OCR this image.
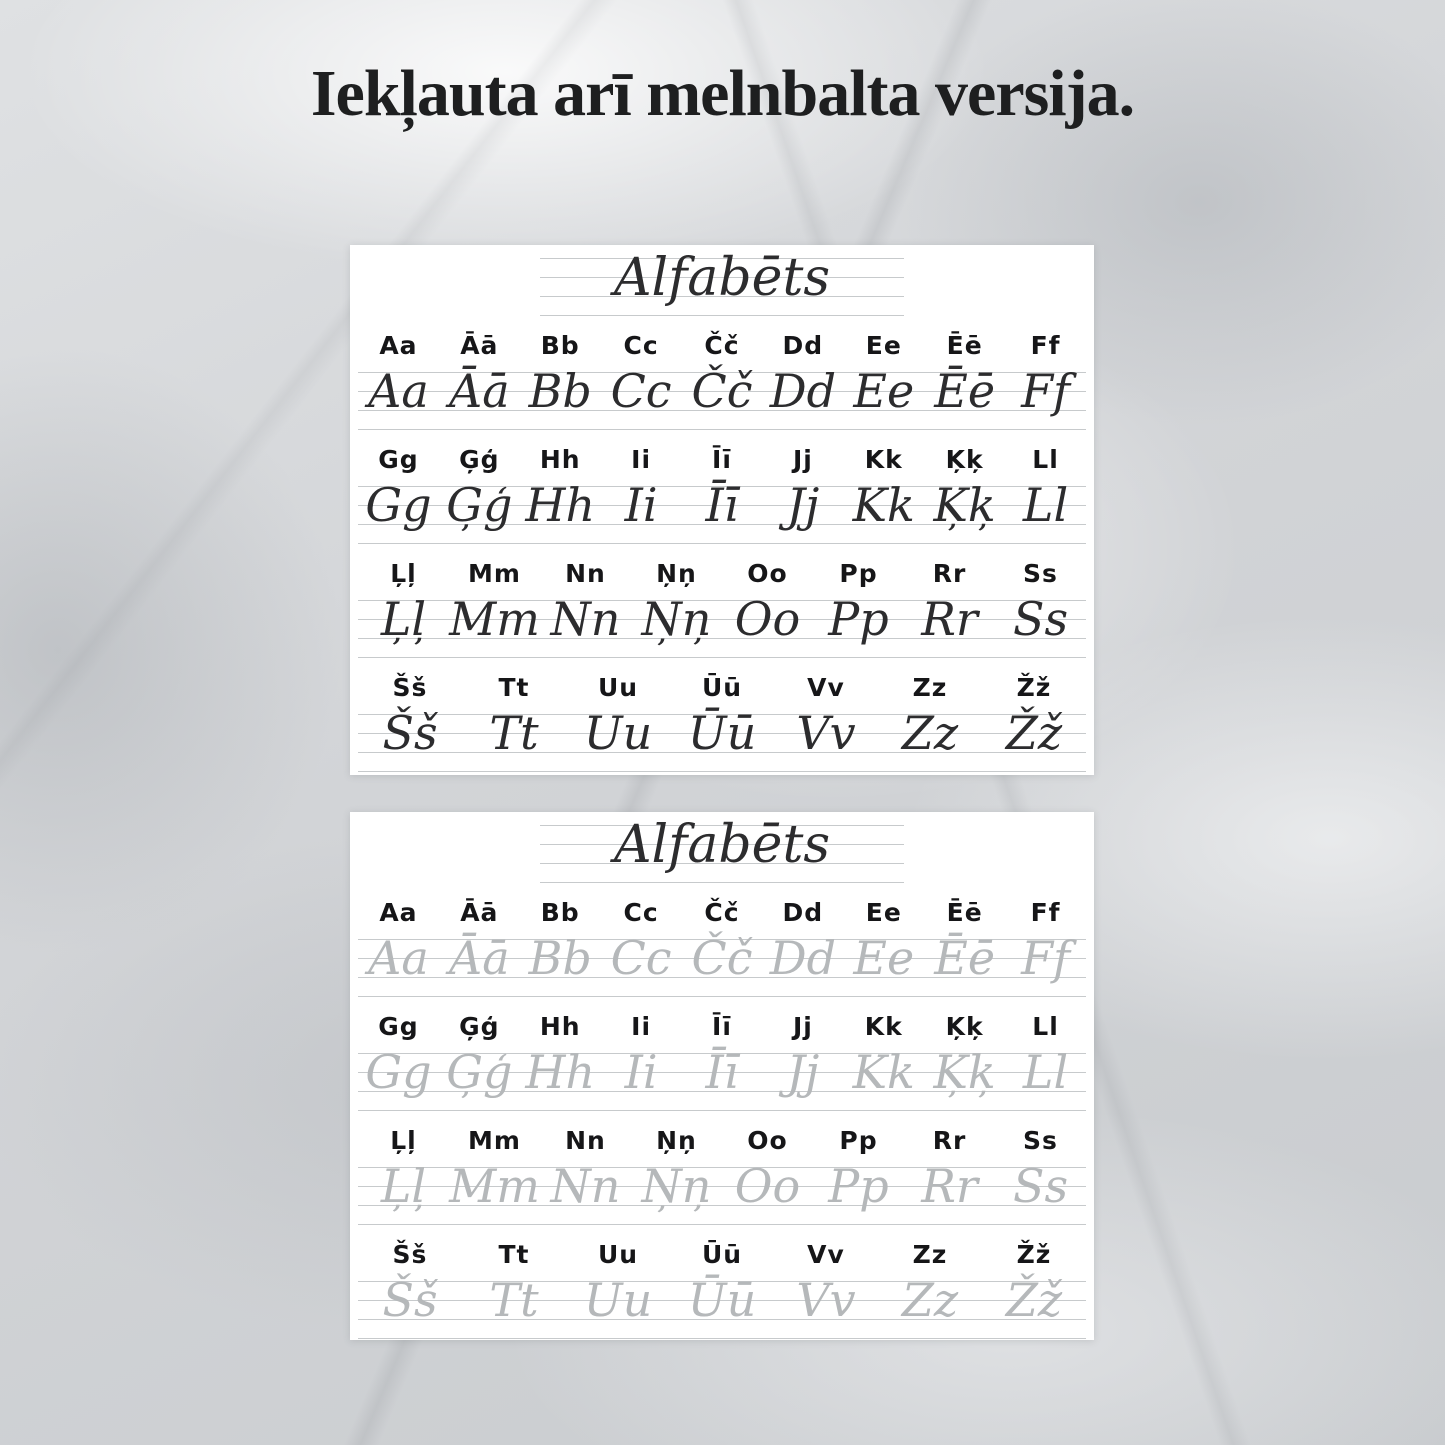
Iekļauta arī melnbalta versija.
Alfabēts
Aa	Āā	Bb	Cc	Čč	Dd	Ee	Ēē	Ff
Aa Āā Bb Cc Čč Dd Ee Ēē Ff
Gg	Ģģ	Hh	Ii	Īī	Jj	Kk	Ķķ	Ll
Gg Ģģ Hh Ii	Īī	Jj Kk Ķķ Ll
Ļļ	Mm	Nn	Ņņ	Oo	Pp	Rr	Ss
Ļļ Mm Nn Ņņ Oo Pp Rr Ss
Šš	Tt	Uu	Ūū	Vv	Zz	Žž
Šš	Tt Uu Ūū Vv	Zz	Žž
Alfabēts
Aa	Āā	Bb	Cc	Čč	Dd	Ee	Ēē	Ff
Aa Āā Bb Cc Čč Dd Ee Ēē Ff
Gg	Ģģ	Hh	Ii	Īī	Jj	Kk	Ķķ	Ll
Gg Ģģ Hh Ii	Īī	Jj Kk Ķķ Ll
Ļļ	Mm	Nn	Ņņ	Oo	Pp	Rr	Ss
Ļļ Mm Nn Ņņ Oo Pp Rr Ss
Šš	Tt	Uu	Ūū	Vv	Zz	Žž
Šš	Tt Uu Ūū Vv	Zz	Žž
